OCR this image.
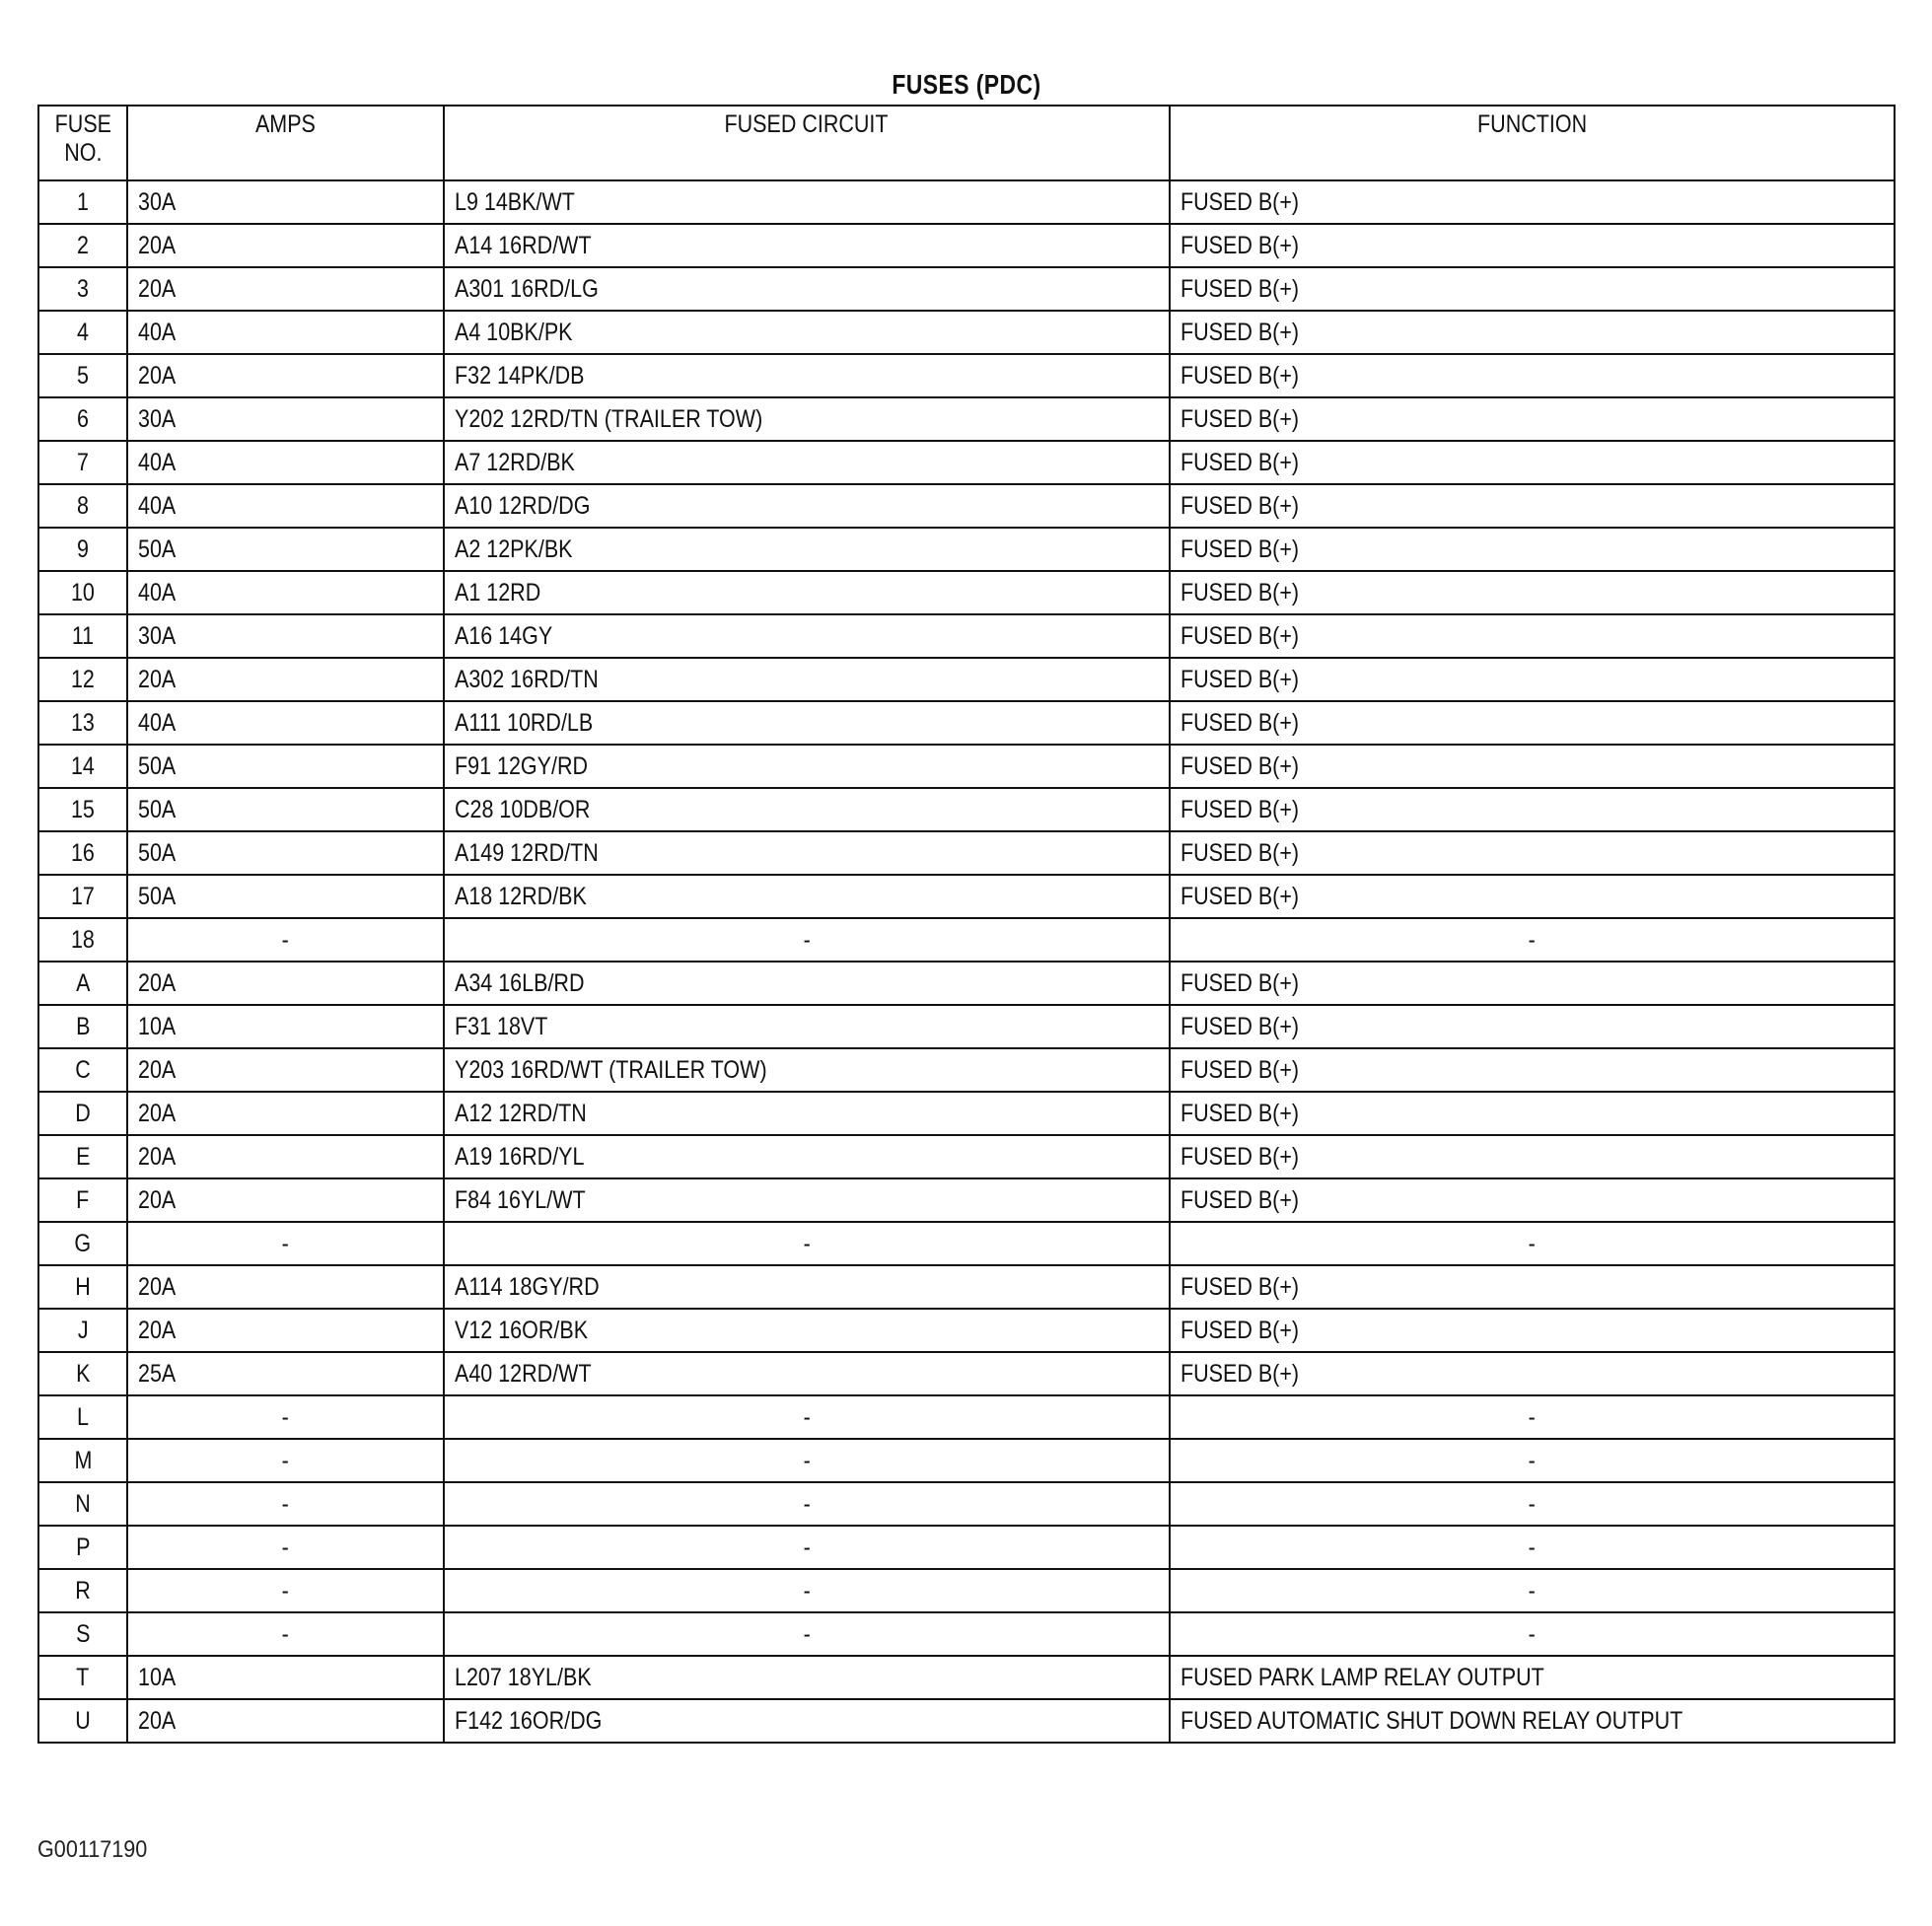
FUSES (PDC)
FUSE
NO.	AMPS	FUSED CIRCUIT	FUNCTION
1	30A	L9 14BK/WT	FUSED B(+)
2	20A	A14 16RD/WT	FUSED B(+)
3	20A	A301 16RD/LG	FUSED B(+)
4	40A	A4 10BK/PK	FUSED B(+)
5	20A	F32 14PK/DB	FUSED B(+)
6	30A	Y202 12RD/TN (TRAILER TOW)	FUSED B(+)
7	40A	A7 12RD/BK	FUSED B(+)
8	40A	A10 12RD/DG	FUSED B(+)
9	50A	A2 12PK/BK	FUSED B(+)
10	40A	A1 12RD	FUSED B(+)
11	30A	A16 14GY	FUSED B(+)
12	20A	A302 16RD/TN	FUSED B(+)
13	40A	A111 10RD/LB	FUSED B(+)
14	50A	F91 12GY/RD	FUSED B(+)
15	50A	C28 10DB/OR	FUSED B(+)
16	50A	A149 12RD/TN	FUSED B(+)
17	50A	A18 12RD/BK	FUSED B(+)
18	-	-	-
A	20A	A34 16LB/RD	FUSED B(+)
B	10A	F31 18VT	FUSED B(+)
C	20A	Y203 16RD/WT (TRAILER TOW)	FUSED B(+)
D	20A	A12 12RD/TN	FUSED B(+)
E	20A	A19 16RD/YL	FUSED B(+)
F	20A	F84 16YL/WT	FUSED B(+)
G	-	-	-
H	20A	A114 18GY/RD	FUSED B(+)
J	20A	V12 16OR/BK	FUSED B(+)
K	25A	A40 12RD/WT	FUSED B(+)
L	-	-	-
M	-	-	-
N	-	-	-
P	-	-	-
R	-	-	-
S	-	-	-
T	10A	L207 18YL/BK	FUSED PARK LAMP RELAY OUTPUT
U	20A	F142 16OR/DG	FUSED AUTOMATIC SHUT DOWN RELAY OUTPUT
G00117190
